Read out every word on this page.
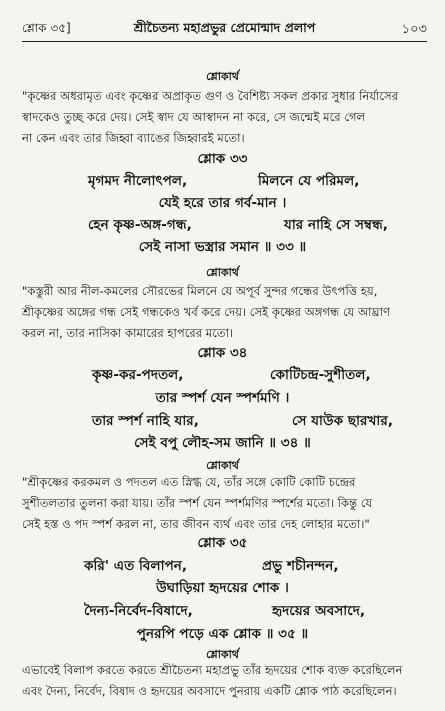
শ্লোক ৩৫]	শ্রীচৈতন্য মহাপ্রভুর প্রেমোন্মাদ প্রলাপ	১০৩
শ্লোকার্থ
"কৃষ্ণের অধরামৃত এবং কৃষ্ণের অপ্রাকৃত গুণ ও বৈশিষ্ট্য সকল প্রকার সুধার নির্যাসের
স্বাদকেও তুচ্ছ করে দেয়। সেই স্বাদ যে আস্বাদন না করে, সে জন্মেই মরে গেল
না কেন এবং তার জিহ্বা ব্যাঙের জিহ্বারই মতো।
শ্লোক ৩৩
মৃগমদ নীলোৎপল,	মিলনে যে পরিমল,
যেই হরে তার গর্ব-মান ।
হেন কৃষ্ণ-অঙ্গ-গন্ধ,	যার নাহি সে সম্বন্ধ,
সেই নাসা ভস্ত্রার সমান ॥ ৩৩ ॥
শ্লোকার্থ
"কস্তুরী আর নীল-কমলের সৌরভের মিলনে যে অপূর্ব সুন্দর গন্ধের উৎপত্তি হয়,
শ্রীকৃষ্ণের অঙ্গের গন্ধ সেই গন্ধকেও খর্ব করে দেয়। সেই কৃষ্ণের অঙ্গগন্ধ যে আঘ্রাণ
করল না, তার নাসিকা কামারের হাপরের মতো।
শ্লোক ৩৪
কৃষ্ণ-কর-পদতল,	কোটিচন্দ্র-সুশীতল,
তার স্পর্শ যেন স্পর্শমণি ।
তার স্পর্শ নাহি যার,	সে যাউক ছারখার,
সেই বপু লৌহ-সম জানি ॥ ৩৪ ॥
শ্লোকার্থ
"শ্রীকৃষ্ণের করকমল ও পদতল এত স্নিগ্ধ যে, তাঁর সঙ্গে কোটি কোটি চন্দ্রের
সুশীতলতার তুলনা করা যায়। তাঁর স্পর্শ যেন স্পর্শমণির স্পর্শের মতো। কিন্তু যে
সেই হস্ত ও পদ স্পর্শ করল না, তার জীবন ব্যর্থ এবং তার দেহ লোহার মতো।"
শ্লোক ৩৫
করি' এত বিলাপন,	প্রভু শচীনন্দন,
উঘাড়িয়া হৃদয়ের শোক ।
দৈন্য-নির্বেদ-বিষাদে,	হৃদয়ের অবসাদে,
পুনরপি পড়ে এক শ্লোক ॥ ৩৫ ॥
শ্লোকার্থ
এভাবেই বিলাপ করতে করতে শ্রীচৈতন্য মহাপ্রভু তাঁর হৃদয়ের শোক ব্যক্ত করেছিলেন
এবং দৈন্য, নির্বেদ, বিষাদ ও হৃদয়ের অবসাদে পুনরায় একটি শ্লোক পাঠ করেছিলেন।
